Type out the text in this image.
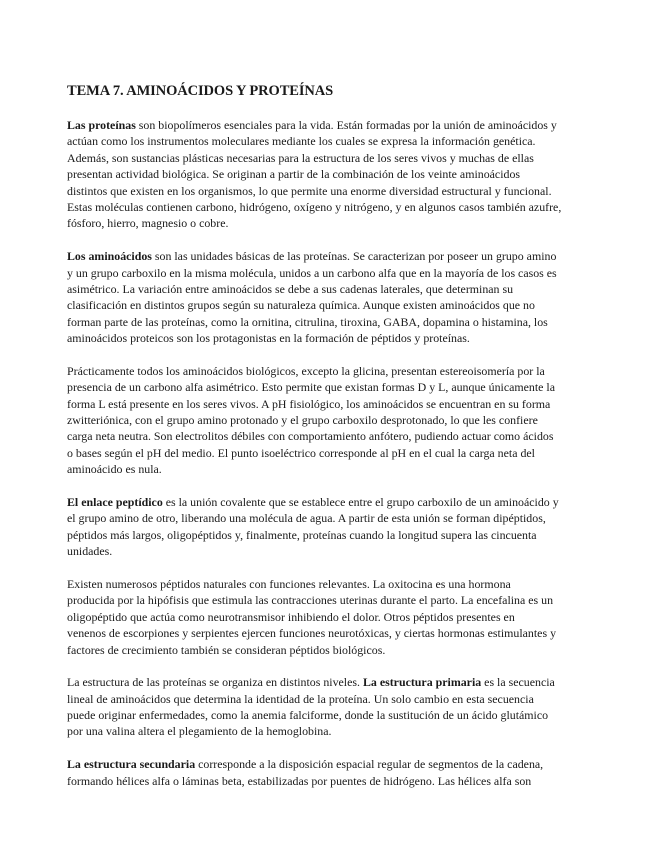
TEMA 7. AMINOÁCIDOS Y PROTEÍNAS
Las proteínas son biopolímeros esenciales para la vida. Están formadas por la unión de aminoácidos y
actúan como los instrumentos moleculares mediante los cuales se expresa la información genética.
Además, son sustancias plásticas necesarias para la estructura de los seres vivos y muchas de ellas
presentan actividad biológica. Se originan a partir de la combinación de los veinte aminoácidos
distintos que existen en los organismos, lo que permite una enorme diversidad estructural y funcional.
Estas moléculas contienen carbono, hidrógeno, oxígeno y nitrógeno, y en algunos casos también azufre,
fósforo, hierro, magnesio o cobre.
Los aminoácidos son las unidades básicas de las proteínas. Se caracterizan por poseer un grupo amino
y un grupo carboxilo en la misma molécula, unidos a un carbono alfa que en la mayoría de los casos es
asimétrico. La variación entre aminoácidos se debe a sus cadenas laterales, que determinan su
clasificación en distintos grupos según su naturaleza química. Aunque existen aminoácidos que no
forman parte de las proteínas, como la ornitina, citrulina, tiroxina, GABA, dopamina o histamina, los
aminoácidos proteicos son los protagonistas en la formación de péptidos y proteínas.
Prácticamente todos los aminoácidos biológicos, excepto la glicina, presentan estereoisomería por la
presencia de un carbono alfa asimétrico. Esto permite que existan formas D y L, aunque únicamente la
forma L está presente en los seres vivos. A pH fisiológico, los aminoácidos se encuentran en su forma
zwitteriónica, con el grupo amino protonado y el grupo carboxilo desprotonado, lo que les confiere
carga neta neutra. Son electrolitos débiles con comportamiento anfótero, pudiendo actuar como ácidos
o bases según el pH del medio. El punto isoeléctrico corresponde al pH en el cual la carga neta del
aminoácido es nula.
El enlace peptídico es la unión covalente que se establece entre el grupo carboxilo de un aminoácido y
el grupo amino de otro, liberando una molécula de agua. A partir de esta unión se forman dipéptidos,
péptidos más largos, oligopéptidos y, finalmente, proteínas cuando la longitud supera las cincuenta
unidades.
Existen numerosos péptidos naturales con funciones relevantes. La oxitocina es una hormona
producida por la hipófisis que estimula las contracciones uterinas durante el parto. La encefalina es un
oligopéptido que actúa como neurotransmisor inhibiendo el dolor. Otros péptidos presentes en
venenos de escorpiones y serpientes ejercen funciones neurotóxicas, y ciertas hormonas estimulantes y
factores de crecimiento también se consideran péptidos biológicos.
La estructura de las proteínas se organiza en distintos niveles. La estructura primaria es la secuencia
lineal de aminoácidos que determina la identidad de la proteína. Un solo cambio en esta secuencia
puede originar enfermedades, como la anemia falciforme, donde la sustitución de un ácido glutámico
por una valina altera el plegamiento de la hemoglobina.
La estructura secundaria corresponde a la disposición espacial regular de segmentos de la cadena,
formando hélices alfa o láminas beta, estabilizadas por puentes de hidrógeno. Las hélices alfa son
